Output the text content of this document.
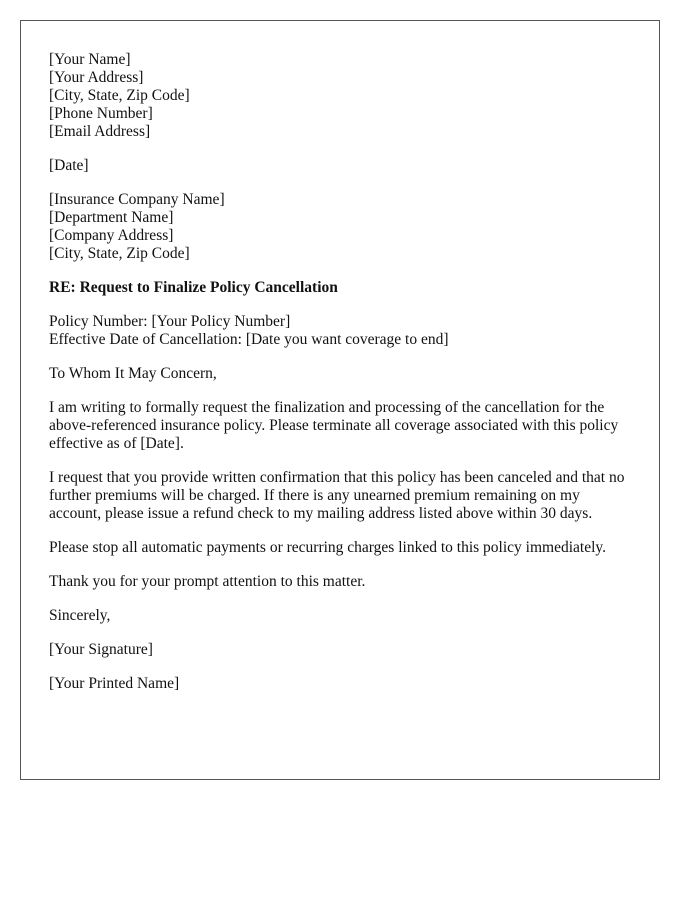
[Your Name]
[Your Address]
[City, State, Zip Code]
[Phone Number]
[Email Address]
[Date]
[Insurance Company Name]
[Department Name]
[Company Address]
[City, State, Zip Code]
RE: Request to Finalize Policy Cancellation
Policy Number: [Your Policy Number]
Effective Date of Cancellation: [Date you want coverage to end]

To Whom It May Concern,

I am writing to formally request the finalization and processing of the cancellation for the above-referenced insurance policy. Please terminate all coverage associated with this policy effective as of [Date].

I request that you provide written confirmation that this policy has been canceled and that no further premiums will be charged. If there is any unearned premium remaining on my account, please issue a refund check to my mailing address listed above within 30 days.

Please stop all automatic payments or recurring charges linked to this policy immediately.

Thank you for your prompt attention to this matter.

Sincerely,

[Your Signature]

[Your Printed Name]
